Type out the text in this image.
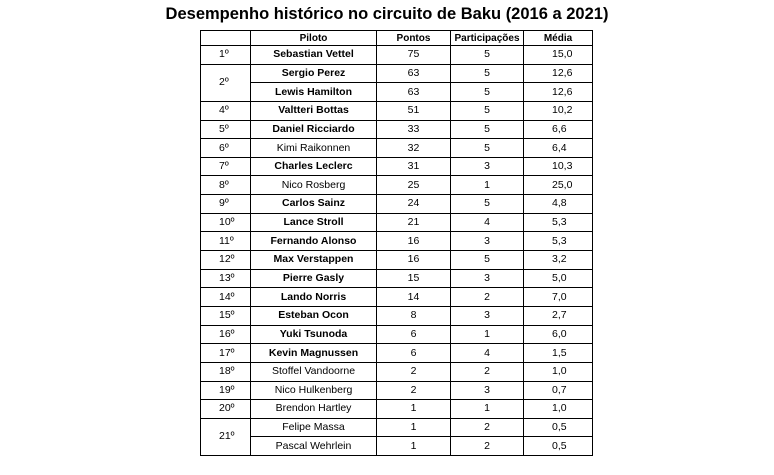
Desempenho histórico no circuito de Baku (2016 a 2021)
	Piloto	Pontos	Participações	Média
1º	Sebastian Vettel	75	5	15,0
2º	Sergio Perez	63	5	12,6
	Lewis Hamilton	63	5	12,6
4º	Valtteri Bottas	51	5	10,2
5º	Daniel Ricciardo	33	5	6,6
6º	Kimi Raikonnen	32	5	6,4
7º	Charles Leclerc	31	3	10,3
8º	Nico Rosberg	25	1	25,0
9º	Carlos Sainz	24	5	4,8
10º	Lance Stroll	21	4	5,3
11º	Fernando Alonso	16	3	5,3
12º	Max Verstappen	16	5	3,2
13º	Pierre Gasly	15	3	5,0
14º	Lando Norris	14	2	7,0
15º	Esteban Ocon	8	3	2,7
16º	Yuki Tsunoda	6	1	6,0
17º	Kevin Magnussen	6	4	1,5
18º	Stoffel Vandoorne	2	2	1,0
19º	Nico Hulkenberg	2	3	0,7
20º	Brendon Hartley	1	1	1,0
21º	Felipe Massa	1	2	0,5
	Pascal Wehrlein	1	2	0,5
